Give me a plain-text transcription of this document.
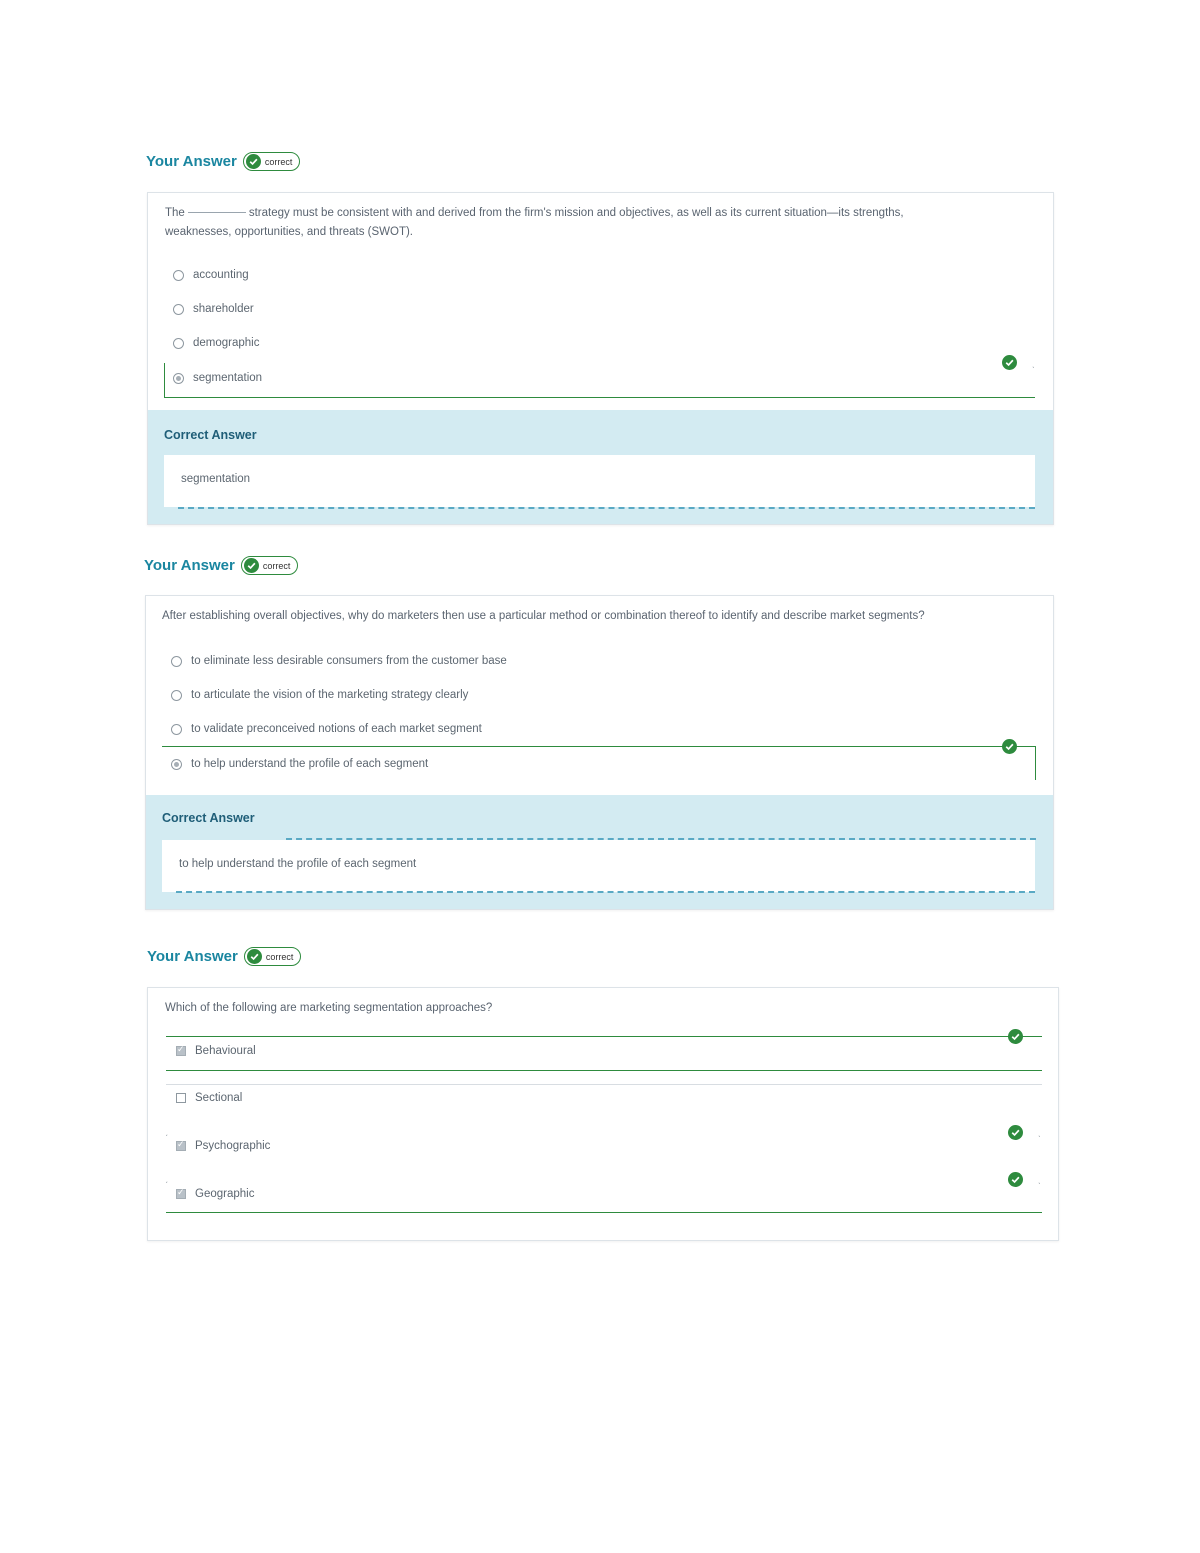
Your Answer	correct
The	strategy must be consistent with and derived from the firm's mission and objectives, as well as its current situation—its strengths,
weaknesses, opportunities, and threats (SWOT).
accounting
shareholder
demographic
ˎ
segmentation
Correct Answer
segmentation
Your Answer	correct
After establishing overall objectives, why do marketers then use a particular method or combination thereof to identify and describe market segments?
to eliminate less desirable consumers from the customer base
to articulate the vision of the marketing strategy clearly
to validate preconceived notions of each market segment
to help understand the profile of each segment
Correct Answer
to help understand the profile of each segment
Your Answer	correct
Which of the following are marketing segmentation approaches?
✓
Behavioural
Sectional
ˏ	ˎ
✓
Psychographic
ˏ	ˎ
✓
Geographic
